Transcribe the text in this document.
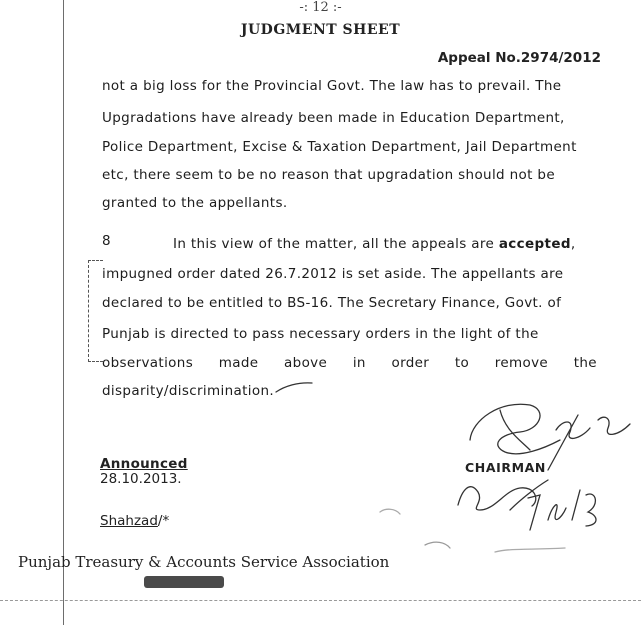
-: 12 :-
JUDGMENT SHEET
Appeal No.2974/2012
not a big loss for the Provincial Govt. The law has to prevail. The
Upgradations have already been made in Education Department,
Police Department, Excise & Taxation Department, Jail Department
etc, there seem to be no reason that upgradation should not be
granted to the appellants.
8	In this view of the matter, all the appeals are accepted,
impugned order dated 26.7.2012 is set aside. The appellants are
declared to be entitled to BS-16. The Secretary Finance, Govt. of
Punjab is directed to pass necessary orders in the light of the
observations made above in order to remove the
disparity/discrimination.
Announced
28.10.2013.
Shahzad/*
CHAIRMAN
Punjab Treasury & Accounts Service Association
